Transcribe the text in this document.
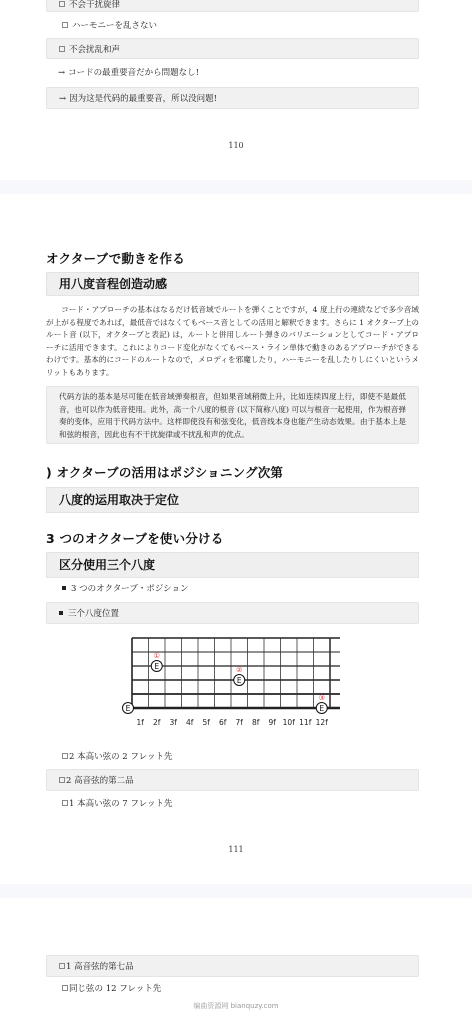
不会干扰旋律
ハーモニーを乱さない
不会扰乱和声
→ コードの最重要音だから問題なし!
→ 因为这是代码的最重要音，所以没问题!
110
オクターブで動きを作る
用八度音程创造动感

コード・アプローチの基本はなるだけ低音域でルートを弾くことですが，4 度上行の連続などで多少音域が上がる程度であれば，最低音ではなくてもベース音としての活用と解釈できます。さらに 1 オクターブ上のルート音 (以下，オクターブと表記) は，ルートと併用しルート弾きのバリエーションとしてコード・アプローチに活用できます。これによりコード変化がなくてもベース・ライン単体で動きのあるアプローチができるわけです。基本的にコードのルートなので，メロディを邪魔したり，ハーモニーを乱したりしにくいというメリットもあります。

代码方法的基本是尽可能在低音域弹奏根音，但如果音域稍微上升，比如连续四度上行，即使不是最低音，也可以作为低音使用。此外，高一个八度的根音 (以下简称八度) 可以与根音一起使用，作为根音弹奏的变体，应用于代码方法中。这样即使没有和弦变化，低音线本身也能产生动态效果。由于基本上是和弦的根音，因此也有不干扰旋律或不扰乱和声的优点。

) オクターブの活用はポジショニング次第
八度的运用取决于定位
3 つのオクターブを使い分ける
区分使用三个八度
3 つのオクターブ・ポジション
三个八度位置
E
E
①
E
②
E
③
1f 2f 3f 4f 5f 6f 7f 8f 9f 10f 11f 12f
2 本高い弦の 2 フレット先
2 高音弦的第二品
1 本高い弦の 7 フレット先
111
1 高音弦的第七品
同じ弦の 12 フレット先
编曲资源网 bianquzy.com
